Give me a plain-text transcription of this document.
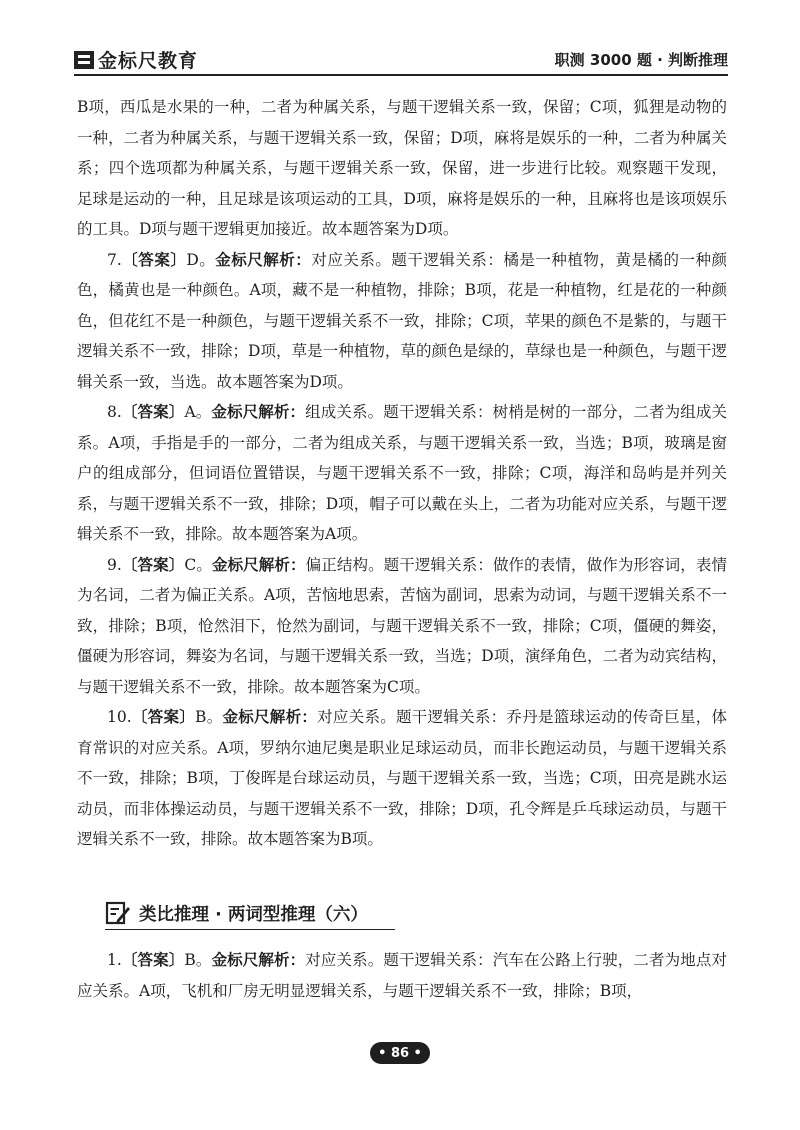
金标尺教育	职测 3000 题 · 判断推理

B项，西瓜是水果的一种，二者为种属关系，与题干逻辑关系一致，保留；C项，狐狸是动物的一种，二者为种属关系，与题干逻辑关系一致，保留；D项，麻将是娱乐的一种，二者为种属关系；四个选项都为种属关系，与题干逻辑关系一致，保留，进一步进行比较。观察题干发现，足球是运动的一种，且足球是该项运动的工具，D项，麻将是娱乐的一种，且麻将也是该项娱乐的工具。D项与题干逻辑更加接近。故本题答案为D项。

7.〔答案〕D。金标尺解析：对应关系。题干逻辑关系：橘是一种植物，黄是橘的一种颜色，橘黄也是一种颜色。A项，藏不是一种植物，排除；B项，花是一种植物，红是花的一种颜色，但花红不是一种颜色，与题干逻辑关系不一致，排除；C项，苹果的颜色不是紫的，与题干逻辑关系不一致，排除；D项，草是一种植物，草的颜色是绿的，草绿也是一种颜色，与题干逻辑关系一致，当选。故本题答案为D项。

8.〔答案〕A。金标尺解析：组成关系。题干逻辑关系：树梢是树的一部分，二者为组成关系。A项，手指是手的一部分，二者为组成关系，与题干逻辑关系一致，当选；B项，玻璃是窗户的组成部分，但词语位置错误，与题干逻辑关系不一致，排除；C项，海洋和岛屿是并列关系，与题干逻辑关系不一致，排除；D项，帽子可以戴在头上，二者为功能对应关系，与题干逻辑关系不一致，排除。故本题答案为A项。

9.〔答案〕C。金标尺解析：偏正结构。题干逻辑关系：做作的表情，做作为形容词，表情为名词，二者为偏正关系。A项，苦恼地思索，苦恼为副词，思索为动词，与题干逻辑关系不一致，排除；B项，怆然泪下，怆然为副词，与题干逻辑关系不一致，排除；C项，僵硬的舞姿，僵硬为形容词，舞姿为名词，与题干逻辑关系一致，当选；D项，演绎角色，二者为动宾结构，与题干逻辑关系不一致，排除。故本题答案为C项。

10.〔答案〕B。金标尺解析：对应关系。题干逻辑关系：乔丹是篮球运动的传奇巨星，体育常识的对应关系。A项，罗纳尔迪尼奥是职业足球运动员，而非长跑运动员，与题干逻辑关系不一致，排除；B项，丁俊晖是台球运动员，与题干逻辑关系一致，当选；C项，田亮是跳水运动员，而非体操运动员，与题干逻辑关系不一致，排除；D项，孔令辉是乒乓球运动员，与题干逻辑关系不一致，排除。故本题答案为B项。

类比推理 · 两词型推理（六）

1.〔答案〕B。金标尺解析：对应关系。题干逻辑关系：汽车在公路上行驶，二者为地点对应关系。A项，飞机和厂房无明显逻辑关系，与题干逻辑关系不一致，排除；B项，

• 86 •
